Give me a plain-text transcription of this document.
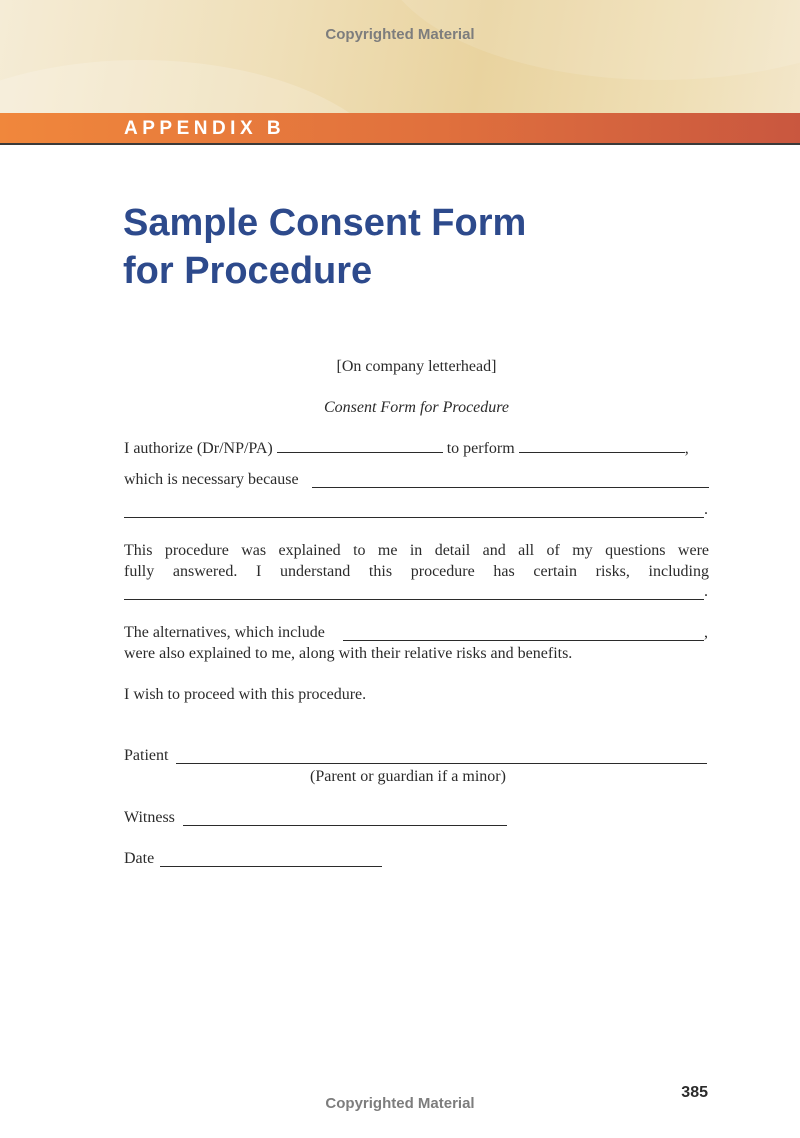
Copyrighted Material
APPENDIX B
Sample Consent Form
for Procedure
[On company letterhead]
Consent Form for Procedure
I authorize (Dr/NP/PA)	to perform	,
which is necessary because
.
This procedure was explained to me in detail and all of my questions were
fully answered. I understand this procedure has certain risks, including
.
The alternatives, which include	,
were also explained to me, along with their relative risks and benefits.
I wish to proceed with this procedure.
Patient
(Parent or guardian if a minor)
Witness
Date
385
Copyrighted Material
